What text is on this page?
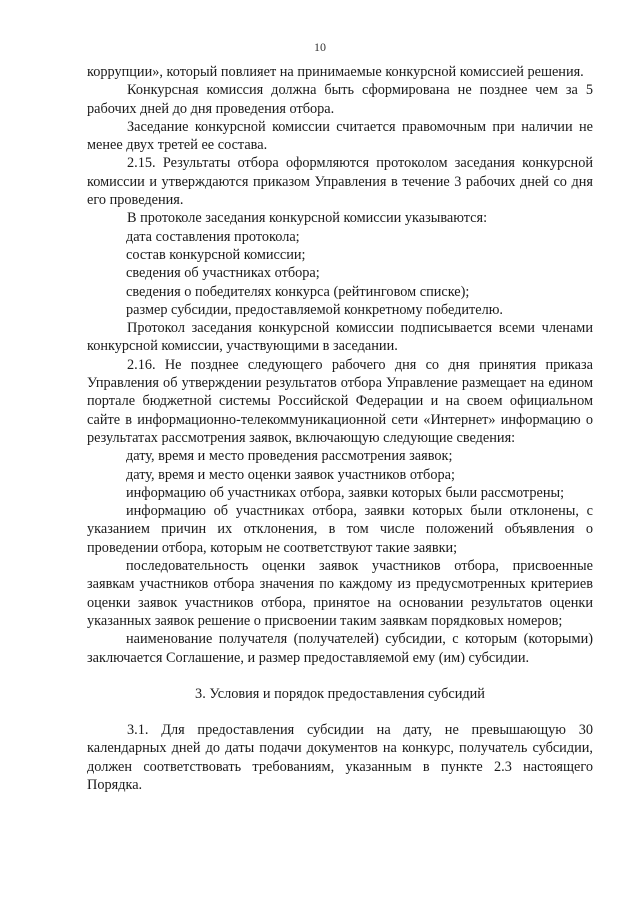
10

коррупции», который повлияет на принимаемые конкурсной комиссией решения.

Конкурсная комиссия должна быть сформирована не позднее чем за 5 рабочих дней до дня проведения отбора.

Заседание конкурсной комиссии считается правомочным при наличии не менее двух третей ее состава.

2.15. Результаты отбора оформляются протоколом заседания конкурсной комиссии и утверждаются приказом Управления в течение 3 рабочих дней со дня его проведения.

В протоколе заседания конкурсной комиссии указываются:

дата составления протокола;

состав конкурсной комиссии;

сведения об участниках отбора;

сведения о победителях конкурса (рейтинговом списке);

размер субсидии, предоставляемой конкретному победителю.

Протокол заседания конкурсной комиссии подписывается всеми членами конкурсной комиссии, участвующими в заседании.

2.16. Не позднее следующего рабочего дня со дня принятия приказа Управления об утверждении результатов отбора Управление размещает на едином портале бюджетной системы Российской Федерации и на своем официальном сайте в информационно-телекоммуникационной сети «Интернет» информацию о результатах рассмотрения заявок, включающую следующие сведения:

дату, время и место проведения рассмотрения заявок;

дату, время и место оценки заявок участников отбора;

информацию об участниках отбора, заявки которых были рассмотрены;

информацию об участниках отбора, заявки которых были отклонены, с указанием причин их отклонения, в том числе положений объявления о проведении отбора, которым не соответствуют такие заявки;

последовательность оценки заявок участников отбора, присвоенные заявкам участников отбора значения по каждому из предусмотренных критериев оценки заявок участников отбора, принятое на основании результатов оценки указанных заявок решение о присвоении таким заявкам порядковых номеров;

наименование получателя (получателей) субсидии, с которым (которыми) заключается Соглашение, и размер предоставляемой ему (им) субсидии.

3. Условия и порядок предоставления субсидий

3.1. Для предоставления субсидии на дату, не превышающую 30 календарных дней до даты подачи документов на конкурс, получатель субсидии, должен соответствовать требованиям, указанным в пункте 2.3 настоящего Порядка.
